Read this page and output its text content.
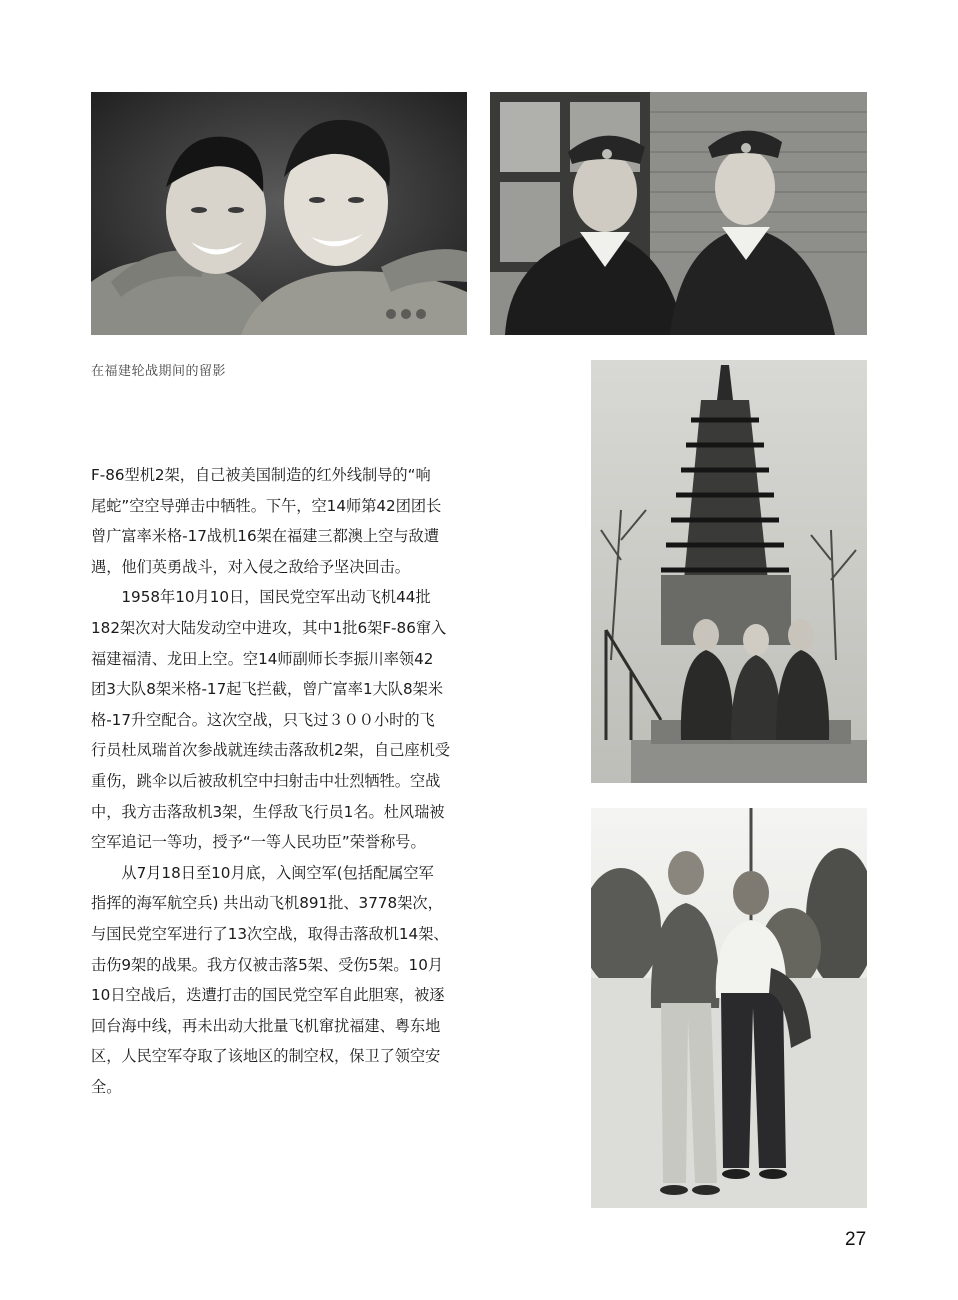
在福建轮战期间的留影

F-86型机2架，自己被美国制造的红外线制导的“响

尾蛇”空空导弹击中牺牲。下午，空14师第42团团长

曾广富率米格-17战机16架在福建三都澳上空与敌遭

遇，他们英勇战斗，对入侵之敌给予坚决回击。

　　1958年10月10日，国民党空军出动飞机44批

182架次对大陆发动空中进攻，其中1批6架F-86窜入

福建福清、龙田上空。空14师副师长李振川率领42

团3大队8架米格-17起飞拦截，曾广富率1大队8架米

格-17升空配合。这次空战，只飞过３００小时的飞

行员杜凤瑞首次参战就连续击落敌机2架，自己座机受

重伤，跳伞以后被敌机空中扫射击中壮烈牺牲。空战

中，我方击落敌机3架，生俘敌飞行员1名。杜风瑞被

空军追记一等功，授予“一等人民功臣”荣誉称号。

　　从7月18日至10月底，入闽空军(包括配属空军

指挥的海军航空兵) 共出动飞机891批、3778架次，

与国民党空军进行了13次空战，取得击落敌机14架、

击伤9架的战果。我方仅被击落5架、受伤5架。10月

10日空战后，迭遭打击的国民党空军自此胆寒，被逐

回台海中线，再未出动大批量飞机窜扰福建、粤东地

区，人民空军夺取了该地区的制空权，保卫了领空安

全。

27
